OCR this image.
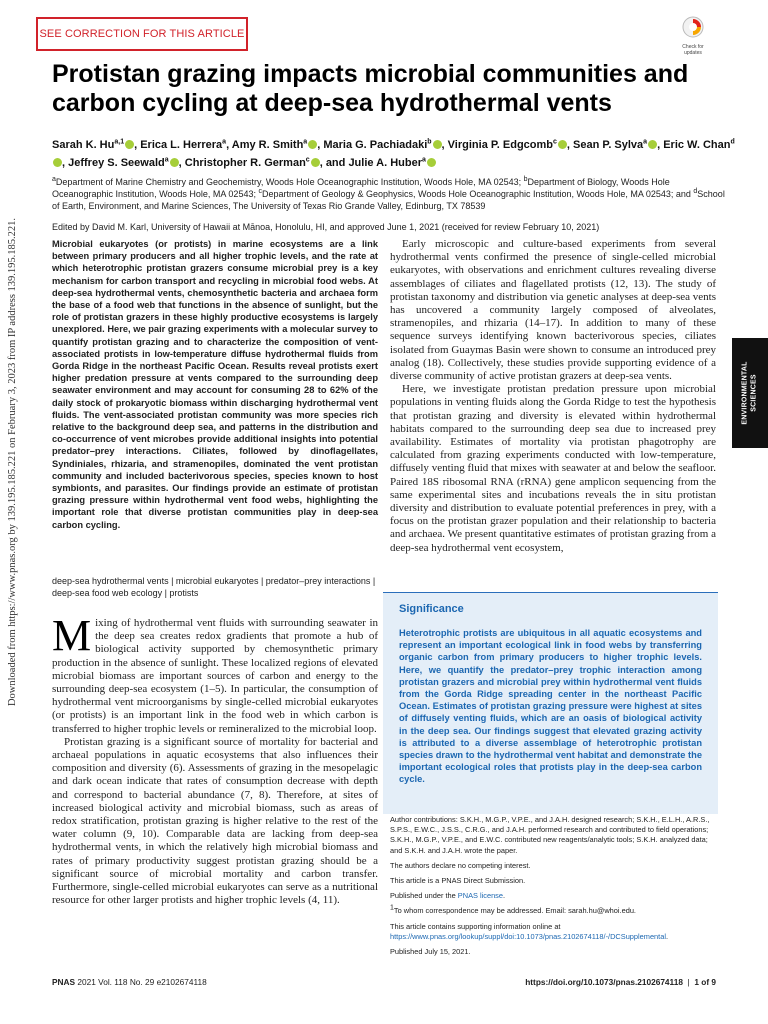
SEE CORRECTION FOR THIS ARTICLE
Check for updates
Protistan grazing impacts microbial communities and carbon cycling at deep-sea hydrothermal vents
Sarah K. Hu$^{a,1}$ , Erica L. Herrera$^a$, Amy R. Smith$^a$ , Maria G. Pachiadaki$^b$ , Virginia P. Edgcomb$^c$ , Sean P. Sylva$^a$ , Eric W. Chan$^d$, Jeffrey S. Seewald$^a$ , Christopher R. German$^c$ , and Julie A. Huber$^a$
$^a$Department of Marine Chemistry and Geochemistry, Woods Hole Oceanographic Institution, Woods Hole, MA 02543; $^b$Department of Biology, Woods Hole Oceanographic Institution, Woods Hole, MA 02543; $^c$Department of Geology & Geophysics, Woods Hole Oceanographic Institution, Woods Hole, MA 02543; and $^d$School of Earth, Environment, and Marine Sciences, The University of Texas Rio Grande Valley, Edinburg, TX 78539
Edited by David M. Karl, University of Hawaii at Mānoa, Honolulu, HI, and approved June 1, 2021 (received for review February 10, 2021)
Microbial eukaryotes (or protists) in marine ecosystems are a link between primary producers and all higher trophic levels, and the rate at which heterotrophic protistan grazers consume microbial prey is a key mechanism for carbon transport and recycling in microbial food webs. At deep-sea hydrothermal vents, chemosynthetic bacteria and archaea form the base of a food web that functions in the absence of sunlight, but the role of protistan grazers in these highly productive ecosystems is largely unexplored. Here, we pair grazing experiments with a molecular survey to quantify protistan grazing and to characterize the composition of vent-associated protists in low-temperature diffuse hydrothermal fluids from Gorda Ridge in the northeast Pacific Ocean. Results reveal protists exert higher predation pressure at vents compared to the surrounding deep seawater environment and may account for consuming 28 to 62% of the daily stock of prokaryotic biomass within discharging hydrothermal vent fluids. The vent-associated protistan community was more species rich relative to the background deep sea, and patterns in the distribution and co-occurrence of vent microbes provide additional insights into potential predator–prey interactions. Ciliates, followed by dinoflagellates, Syndiniales, rhizaria, and stramenopiles, dominated the vent protistan community and included bacterivorous species, species known to host symbionts, and parasites. Our findings provide an estimate of protistan grazing pressure within hydrothermal vent food webs, highlighting the important role that diverse protistan communities play in deep-sea carbon cycling.
deep-sea hydrothermal vents | microbial eukaryotes | predator–prey interactions | deep-sea food web ecology | protists

Mixing of hydrothermal vent fluids with surrounding seawater in the deep sea creates redox gradients that promote a hub of biological activity supported by chemosynthetic primary production in the absence of sunlight. These localized regions of elevated microbial biomass are important sources of carbon and energy to the surrounding deep-sea ecosystem (1–5). In particular, the consumption of hydrothermal vent microorganisms by single-celled microbial eukaryotes (or protists) is an important link in the food web in which carbon is transferred to higher trophic levels or remineralized to the microbial loop.

Protistan grazing is a significant source of mortality for bacterial and archaeal populations in aquatic ecosystems that also influences their composition and diversity (6). Assessments of grazing in the mesopelagic and dark ocean indicate that rates of consumption decrease with depth and correspond to bacterial abundance (7, 8). Therefore, at sites of increased biological activity and microbial biomass, such as areas of redox stratification, protistan grazing is higher relative to the rest of the water column (9, 10). Comparable data are lacking from deep-sea hydrothermal vents, in which the relatively high microbial biomass and rates of primary productivity suggest protistan grazing should be a significant source of microbial mortality and carbon transfer. Furthermore, single-celled microbial eukaryotes can serve as a nutritional resource for other larger protists and higher trophic levels (4, 11).

Early microscopic and culture-based experiments from several hydrothermal vents confirmed the presence of single-celled microbial eukaryotes, with observations and enrichment cultures revealing diverse assemblages of ciliates and flagellated protists (12, 13). The study of protistan taxonomy and distribution via genetic analyses at deep-sea vents has uncovered a community largely composed of alveolates, stramenopiles, and rhizaria (14–17). In addition to many of these sequence surveys identifying known bacterivorous species, ciliates isolated from Guaymas Basin were shown to consume an introduced prey analog (18). Collectively, these studies provide supporting evidence of a diverse community of active protistan grazers at deep-sea vents.

Here, we investigate protistan predation pressure upon microbial populations in venting fluids along the Gorda Ridge to test the hypothesis that protistan grazing and diversity is elevated within hydrothermal habitats compared to the surrounding deep sea due to increased prey availability. Estimates of mortality via protistan phagotrophy are calculated from grazing experiments conducted with low-temperature, diffusely venting fluid that mixes with seawater at and below the seafloor. Paired 18S ribosomal RNA (rRNA) gene amplicon sequencing from the same experimental sites and incubations reveals the in situ protistan diversity and distribution to evaluate potential preferences in prey, with a focus on the protistan grazer population and their relationship to bacteria and archaea. We present quantitative estimates of protistan grazing from a deep-sea hydrothermal vent ecosystem,

Significance

Heterotrophic protists are ubiquitous in all aquatic ecosystems and represent an important ecological link in food webs by transferring organic carbon from primary producers to higher trophic levels. Here, we quantify the predator–prey trophic interaction among protistan grazers and microbial prey within hydrothermal vent fluids from the Gorda Ridge spreading center in the northeast Pacific Ocean. Estimates of protistan grazing pressure were highest at sites of diffusely venting fluids, which are an oasis of biological activity in the deep sea. Our findings suggest that elevated grazing activity is attributed to a diverse assemblage of heterotrophic protistan species drawn to the hydrothermal vent habitat and demonstrate the important ecological roles that protists play in the deep-sea carbon cycle.

Author contributions: S.K.H., M.G.P., V.P.E., and J.A.H. designed research; S.K.H., E.L.H., A.R.S., S.P.S., E.W.C., J.S.S., C.R.G., and J.A.H. performed research and contributed to field operations; S.K.H., M.G.P., V.P.E., and E.W.C. contributed new reagents/analytic tools; S.K.H. analyzed data; and S.K.H. and J.A.H. wrote the paper.

The authors declare no competing interest.

This article is a PNAS Direct Submission.

Published under the PNAS license.

$^1$To whom correspondence may be addressed. Email: sarah.hu@whoi.edu.

This article contains supporting information online at https://www.pnas.org/lookup/suppl/doi:10.1073/pnas.2102674118/-/DCSupplemental.

Published July 15, 2021.

ENVIRONMENTAL
SCIENCES
Downloaded from https://www.pnas.org by 139.195.185.221 on February 3, 2023 from IP address 139.195.185.221.
PNAS 2021 Vol. 118 No. 29 e2102674118	https://doi.org/10.1073/pnas.2102674118  |  1 of 9
